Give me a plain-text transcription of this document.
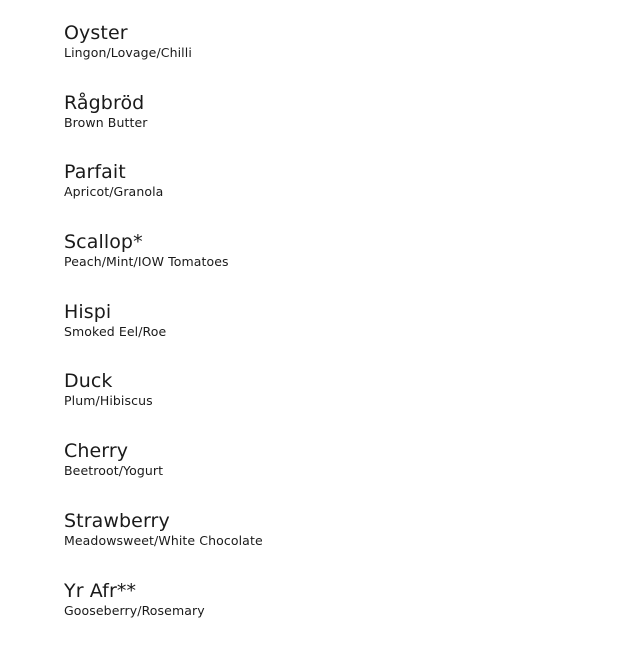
Oyster
Lingon/Lovage/Chilli
Rågbröd
Brown Butter
Parfait
Apricot/Granola
Scallop*
Peach/Mint/IOW Tomatoes
Hispi
Smoked Eel/Roe
Duck
Plum/Hibiscus
Cherry
Beetroot/Yogurt
Strawberry
Meadowsweet/White Chocolate
Yr Afr**
Gooseberry/Rosemary
